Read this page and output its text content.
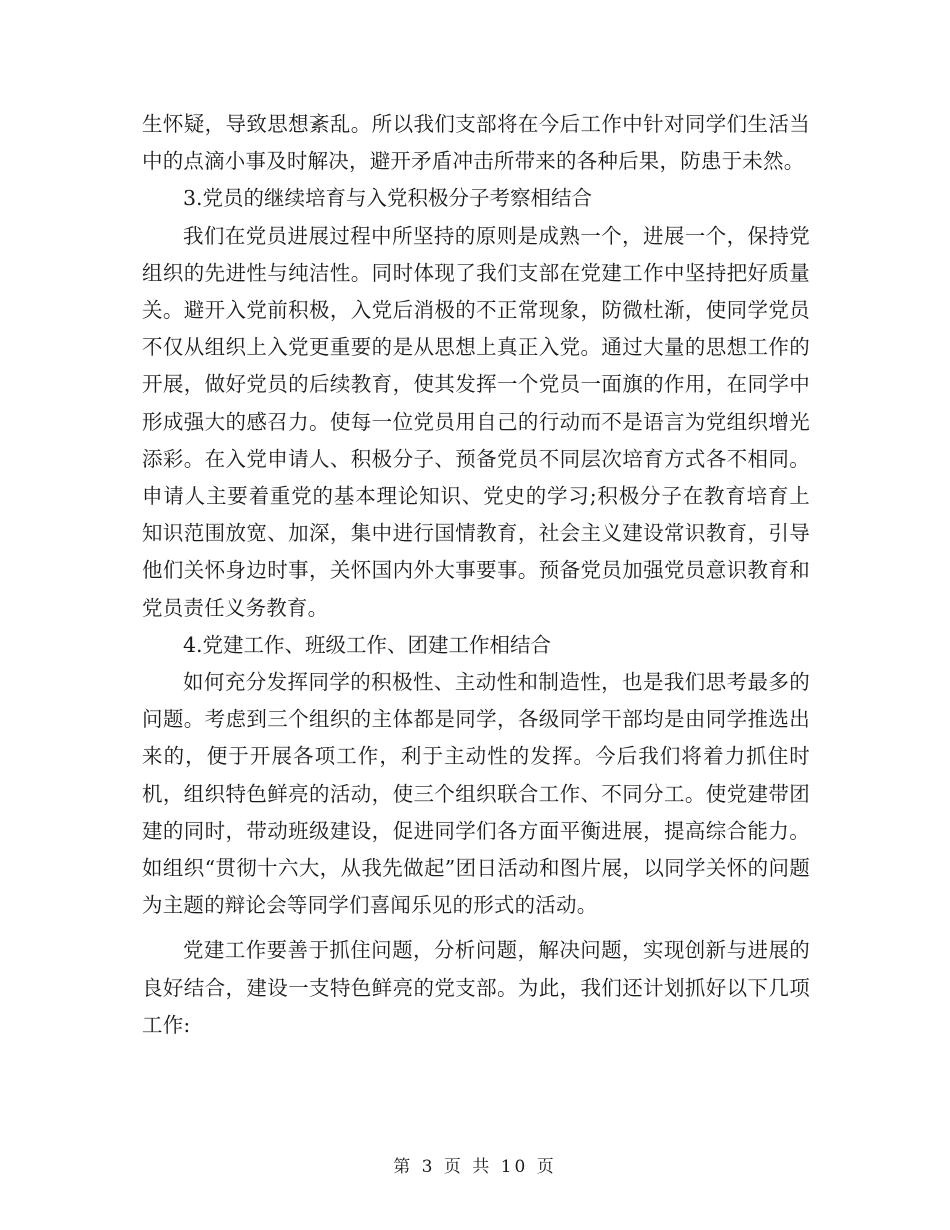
生怀疑，导致思想紊乱。所以我们支部将在今后工作中针对同学们生活当中的点滴小事及时解决，避开矛盾冲击所带来的各种后果，防患于未然。

3.党员的继续培育与入党积极分子考察相结合

我们在党员进展过程中所坚持的原则是成熟一个，进展一个，保持党组织的先进性与纯洁性。同时体现了我们支部在党建工作中坚持把好质量关。避开入党前积极，入党后消极的不正常现象，防微杜渐，使同学党员不仅从组织上入党更重要的是从思想上真正入党。通过大量的思想工作的开展，做好党员的后续教育，使其发挥一个党员一面旗的作用，在同学中形成强大的感召力。使每一位党员用自己的行动而不是语言为党组织增光添彩。在入党申请人、积极分子、预备党员不同层次培育方式各不相同。申请人主要着重党的基本理论知识、党史的学习;积极分子在教育培育上知识范围放宽、加深，集中进行国情教育，社会主义建设常识教育，引导他们关怀身边时事，关怀国内外大事要事。预备党员加强党员意识教育和党员责任义务教育。

4.党建工作、班级工作、团建工作相结合

如何充分发挥同学的积极性、主动性和制造性，也是我们思考最多的问题。考虑到三个组织的主体都是同学，各级同学干部均是由同学推选出来的，便于开展各项工作，利于主动性的发挥。今后我们将着力抓住时机，组织特色鲜亮的活动，使三个组织联合工作、不同分工。使党建带团建的同时，带动班级建设，促进同学们各方面平衡进展，提高综合能力。如组织“贯彻十六大，从我先做起”团日活动和图片展，以同学关怀的问题为主题的辩论会等同学们喜闻乐见的形式的活动。

党建工作要善于抓住问题，分析问题，解决问题，实现创新与进展的良好结合，建设一支特色鲜亮的党支部。为此，我们还计划抓好以下几项工作:

第 3 页 共 10 页
